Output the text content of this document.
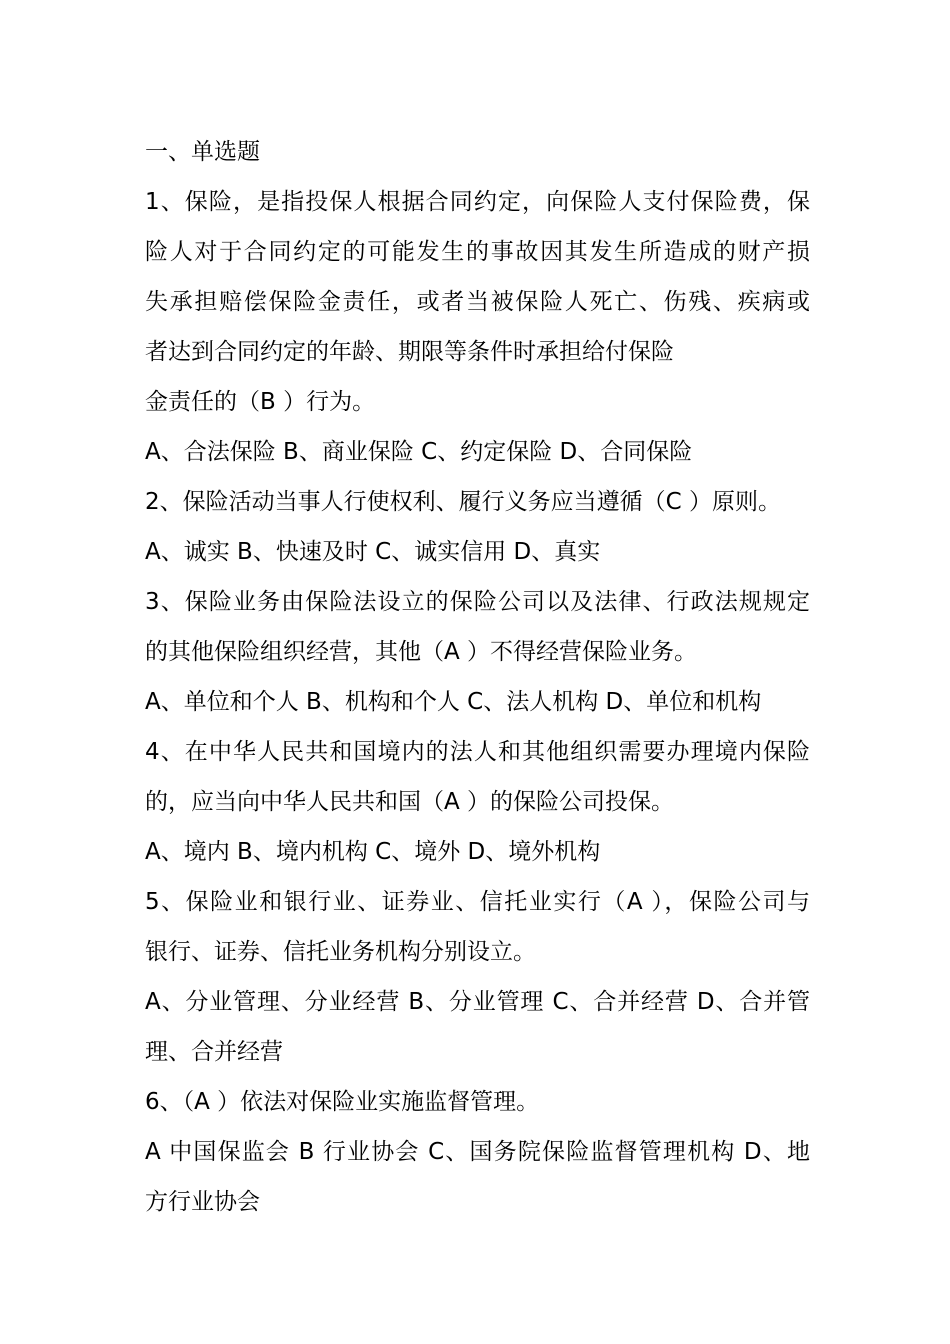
一、单选题
1、保险，是指投保人根据合同约定，向保险人支付保险费，保
险人对于合同约定的可能发生的事故因其发生所造成的财产损
失承担赔偿保险金责任，或者当被保险人死亡、伤残、疾病或
者达到合同约定的年龄、期限等条件时承担给付保险
金责任的（B ）行为。
A、合法保险 B、商业保险 C、约定保险 D、合同保险
2、保险活动当事人行使权利、履行义务应当遵循（C ）原则。
A、诚实 B、快速及时 C、诚实信用 D、真实
3、保险业务由保险法设立的保险公司以及法律、行政法规规定
的其他保险组织经营，其他（A ）不得经营保险业务。
A、单位和个人 B、机构和个人 C、法人机构 D、单位和机构
4、在中华人民共和国境内的法人和其他组织需要办理境内保险
的，应当向中华人民共和国（A ）的保险公司投保。
A、境内 B、境内机构 C、境外 D、境外机构
5、保险业和银行业、证券业、信托业实行（A ），保险公司与
银行、证券、信托业务机构分别设立。
A、分业管理、分业经营 B、分业管理 C、合并经营 D、合并管
理、合并经营
6、（A ）依法对保险业实施监督管理。
A 中国保监会 B 行业协会 C、国务院保险监督管理机构 D、地
方行业协会
